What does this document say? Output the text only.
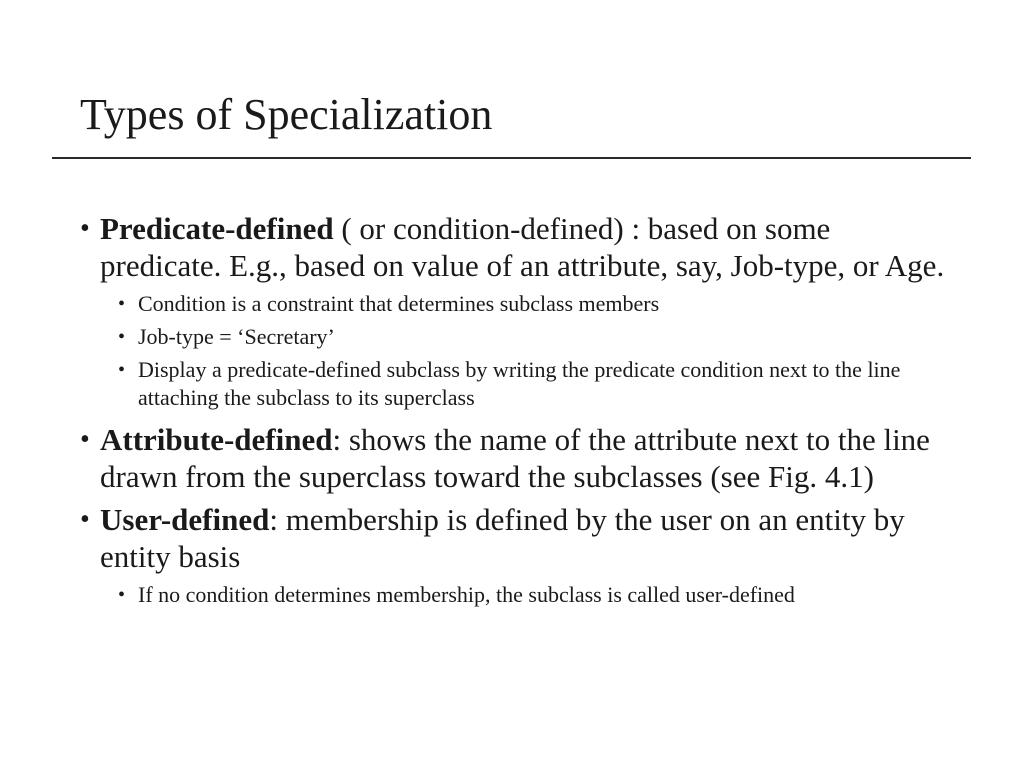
Types of Specialization
• Predicate-defined ( or condition-defined) : based on some predicate. E.g., based on value of an attribute, say, Job-type, or Age.
• Condition is a constraint that determines subclass members
• Job-type = ‘Secretary’
• Display a predicate-defined subclass by writing the predicate condition next to the line attaching the subclass to its superclass
• Attribute-defined: shows the name of the attribute next to the line drawn from the superclass toward the subclasses (see Fig. 4.1)
• User-defined: membership is defined by the user on an entity by entity basis
• If no condition determines membership, the subclass is called user-defined
